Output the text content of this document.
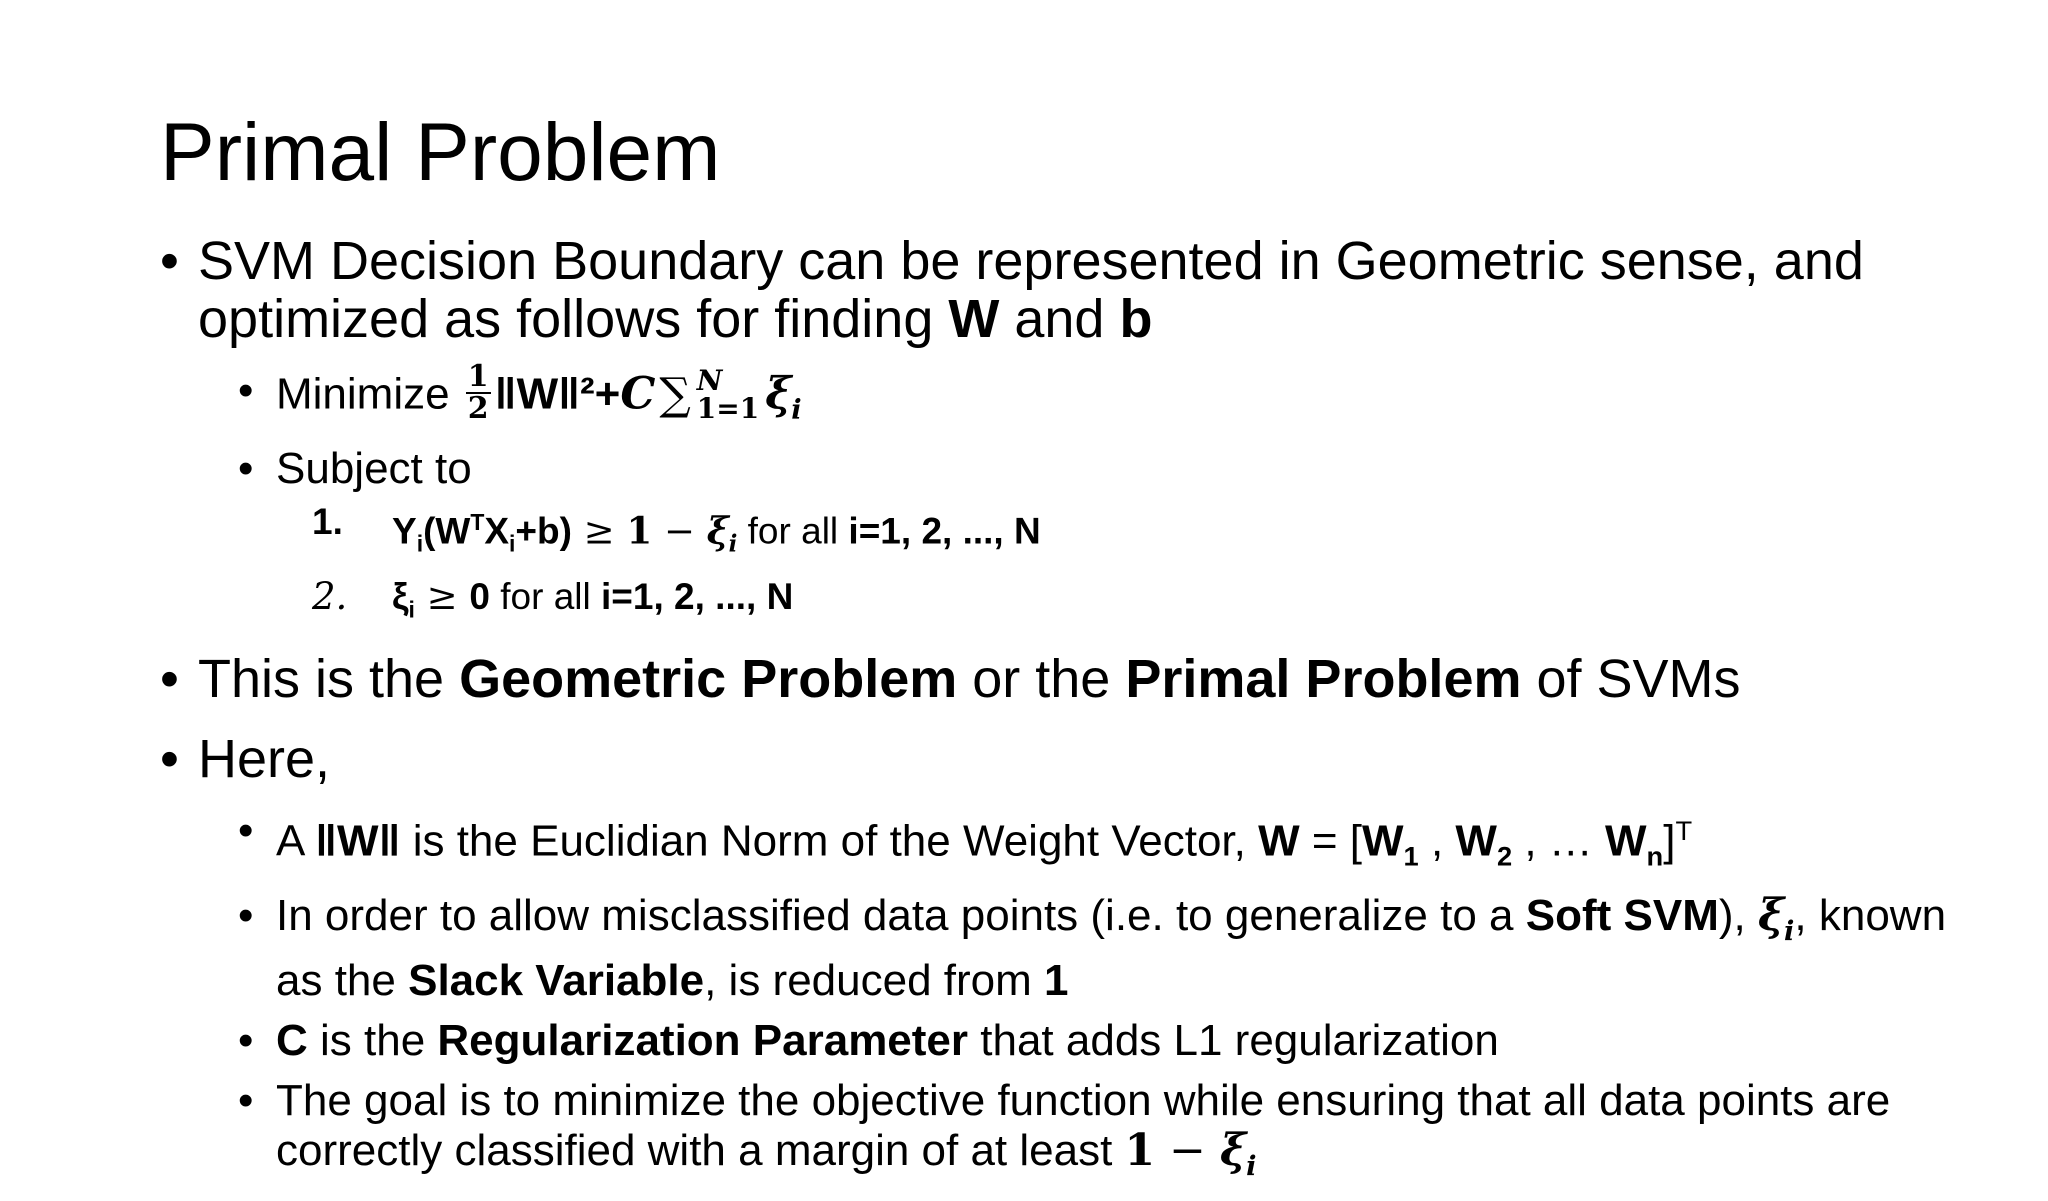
Primal Problem
• SVM Decision Boundary can be represented in Geometric sense, and optimized as follows for finding W and b
• Minimize $\frac{1}{2}$ ‖W‖²+C∑ N
1=1 $\xi_i$
• Subject to
1. $Y_i(W^TX_i+b) \ge 1 - \xi_i$ for all i=1, 2, ..., N
2. $\xi_i \ge 0$ for all i=1, 2, ..., N
• This is the Geometric Problem or the Primal Problem of SVMs
• Here,
• A ‖W‖ is the Euclidian Norm of the Weight Vector, $W = [W_1$ , $W_2$ , … $W_n]^T$
• In order to allow misclassified data points (i.e. to generalize to a Soft SVM), $\xi_i$, known as the Slack Variable, is reduced from 1
• C is the Regularization Parameter that adds L1 regularization
• The goal is to minimize the objective function while ensuring that all data points are correctly classified with a margin of at least $1 - \xi_i$
